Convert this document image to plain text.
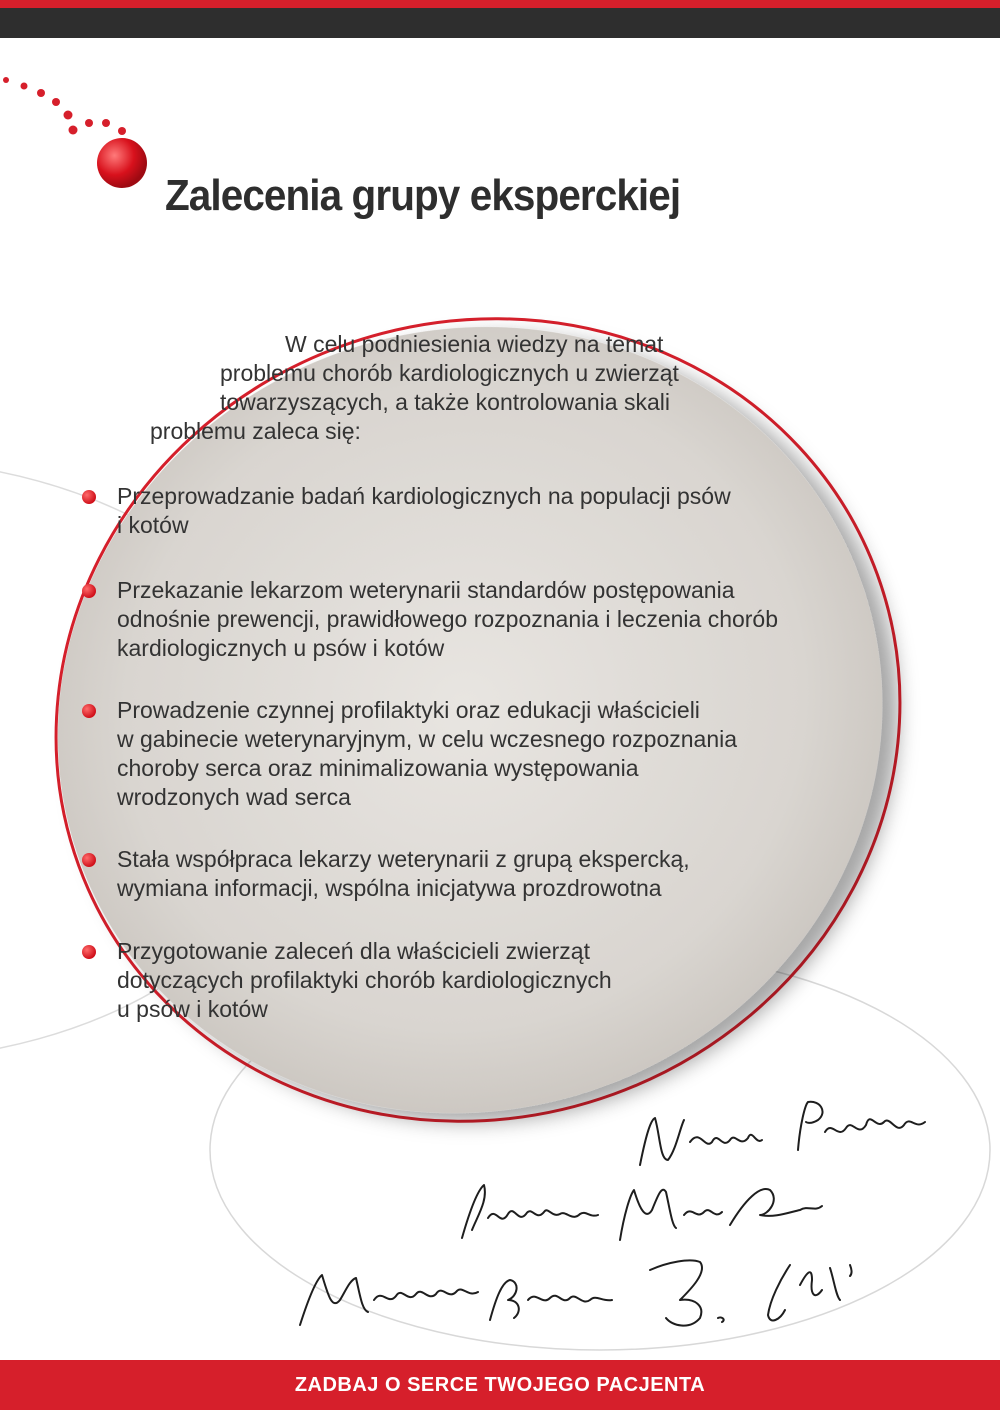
Zalecenia grupy eksperckiej
W celu podniesienia wiedzy na temat
problemu chorób kardiologicznych u zwierząt
towarzyszących, a także kontrolowania skali
problemu zaleca się:
Przeprowadzanie badań kardiologicznych na populacji psów
i kotów
Przekazanie lekarzom weterynarii standardów postępowania
odnośnie prewencji, prawidłowego rozpoznania i leczenia chorób
kardiologicznych u psów i kotów
Prowadzenie czynnej profilaktyki oraz edukacji właścicieli
w gabinecie weterynaryjnym, w celu wczesnego rozpoznania
choroby serca oraz minimalizowania występowania
wrodzonych wad serca
Stała współpraca lekarzy weterynarii z grupą ekspercką,
wymiana informacji, wspólna inicjatywa prozdrowotna
Przygotowanie zaleceń dla właścicieli zwierząt
dotyczących profilaktyki chorób kardiologicznych
u psów i kotów
ZADBAJ O SERCE TWOJEGO PACJENTA
